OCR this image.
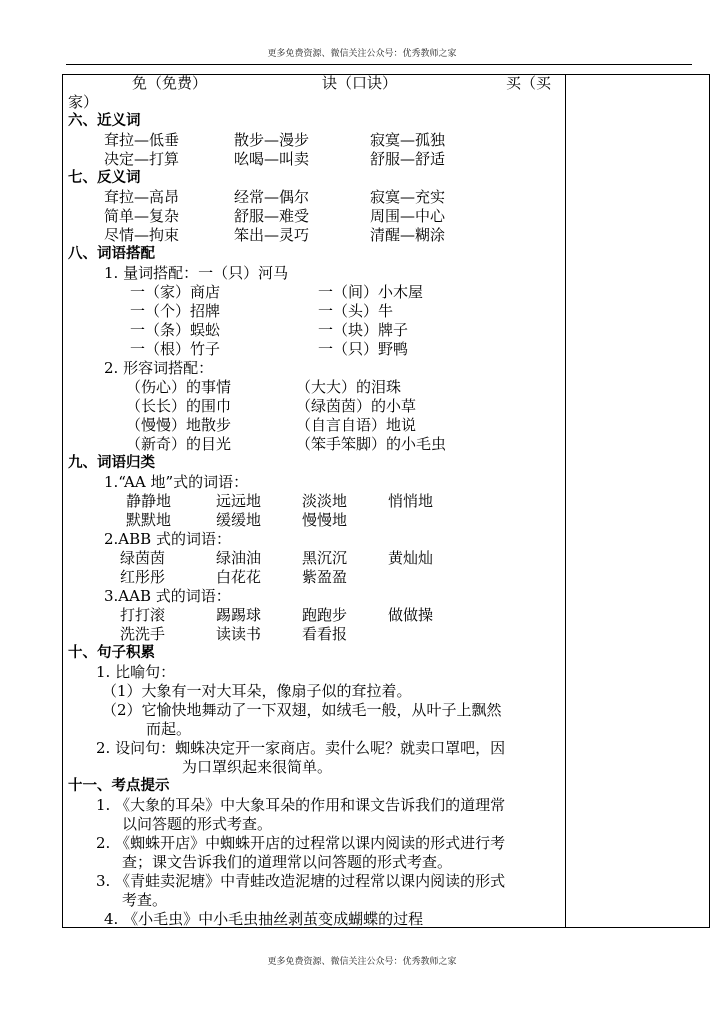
更多免费资源、微信关注公众号：优秀教师之家
免（免费）	诀（口诀）	买（买
家）
六、近义词
耷拉—低垂	散步—漫步	寂寞—孤独
决定—打算	吆喝—叫卖	舒服—舒适
七、反义词
耷拉—高昂	经常—偶尔	寂寞—充实
简单—复杂	舒服—难受	周围—中心
尽情—拘束	笨出—灵巧	清醒—糊涂
八、词语搭配
1. 量词搭配：一（只）河马
一（家）商店	一（间）小木屋
一（个）招牌	一（头）牛
一（条）蜈蚣	一（块）牌子
一（根）竹子	一（只）野鸭
2. 形容词搭配：
（伤心）的事情	（大大）的泪珠
（长长）的围巾	（绿茵茵）的小草
（慢慢）地散步	（自言自语）地说
（新奇）的目光	（笨手笨脚）的小毛虫
九、词语归类
1.“AA 地”式的词语：
静静地	远远地	淡淡地	悄悄地
默默地	缓缓地	慢慢地
2.ABB 式的词语：
绿茵茵	绿油油	黑沉沉	黄灿灿
红彤彤	白花花	紫盈盈
3.AAB 式的词语：
打打滚	踢踢球	跑跑步	做做操
洗洗手	读读书	看看报
十、句子积累
1. 比喻句：
（1）大象有一对大耳朵，像扇子似的耷拉着。
（2）它愉快地舞动了一下双翅，如绒毛一般，从叶子上飘然
而起。
2. 设问句：蜘蛛决定开一家商店。卖什么呢？就卖口罩吧，因
为口罩织起来很简单。
十一、考点提示
1. 《大象的耳朵》中大象耳朵的作用和课文告诉我们的道理常
以问答题的形式考查。
2. 《蜘蛛开店》中蜘蛛开店的过程常以课内阅读的形式进行考
查；课文告诉我们的道理常以问答题的形式考查。
3. 《青蛙卖泥塘》中青蛙改造泥塘的过程常以课内阅读的形式
考查。
4. 《小毛虫》中小毛虫抽丝剥茧变成蝴蝶的过程
更多免费资源、微信关注公众号：优秀教师之家
